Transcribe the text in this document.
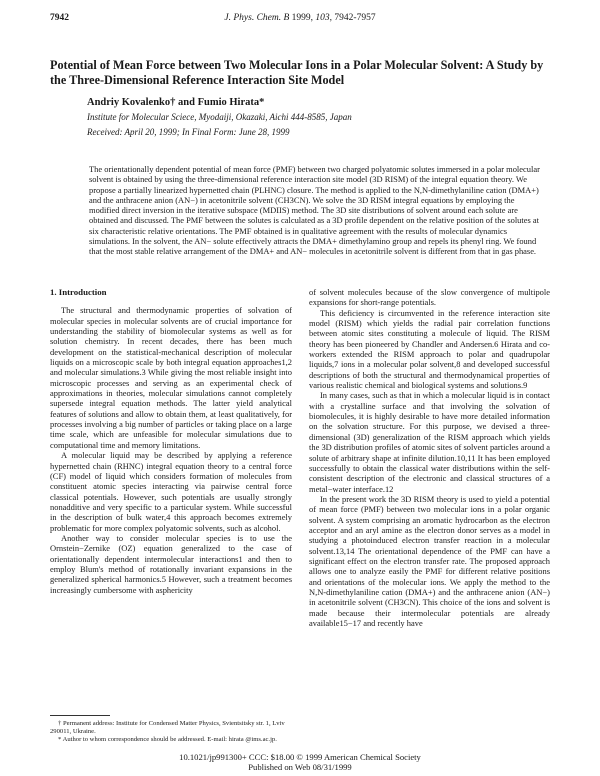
7942	J. Phys. Chem. B 1999, 103, 7942-7957
Potential of Mean Force between Two Molecular Ions in a Polar Molecular Solvent: A Study by the Three-Dimensional Reference Interaction Site Model
Andriy Kovalenko† and Fumio Hirata*
Institute for Molecular Sciece, Myodaiji, Okazaki, Aichi 444-8585, Japan
Received: April 20, 1999; In Final Form: June 28, 1999

The orientationally dependent potential of mean force (PMF) between two charged polyatomic solutes immersed in a polar molecular solvent is obtained by using the three-dimensional reference interaction site model (3D RISM) of the integral equation theory. We propose a partially linearized hypernetted chain (PLHNC) closure. The method is applied to the N,N-dimethylaniline cation (DMA+) and the anthracene anion (AN−) in acetonitrile solvent (CH3CN). We solve the 3D RISM integral equations by employing the modified direct inversion in the iterative subspace (MDIIS) method. The 3D site distributions of solvent around each solute are obtained and discussed. The PMF between the solutes is calculated as a 3D profile dependent on the relative position of the solutes at six characteristic relative orientations. The PMF obtained is in qualitative agreement with the results of molecular dynamics simulations. In the solvent, the AN− solute effectively attracts the DMA+ dimethylamino group and repels its phenyl ring. We found that the most stable relative arrangement of the DMA+ and AN− molecules in acetonitrile solvent is different from that in gas phase.

1. Introduction

The structural and thermodynamic properties of solvation of molecular species in molecular solvents are of crucial importance for understanding the stability of biomolecular systems as well as for solution chemistry. In recent decades, there has been much development on the statistical-mechanical description of molecular liquids on a microscopic scale by both integral equation approaches1,2 and molecular simulations.3 While giving the most reliable insight into microscopic processes and serving as an experimental check of approximations in theories, molecular simulations cannot completely supersede integral equation methods. The latter yield analytical features of solutions and allow to obtain them, at least qualitatively, for processes involving a big number of particles or taking place on a large time scale, which are unfeasible for molecular simulations due to computational time and memory limitations.

A molecular liquid may be described by applying a reference hypernetted chain (RHNC) integral equation theory to a central force (CF) model of liquid which considers formation of molecules from constituent atomic species interacting via pairwise central force classical potentials. However, such potentials are usually strongly nonadditive and very specific to a particular system. While successful in the description of bulk water,4 this approach becomes extremely problematic for more complex polyatomic solvents, such as alcohol.

Another way to consider molecular species is to use the Ornstein−Zernike (OZ) equation generalized to the case of orientationally dependent intermolecular interactions1 and then to employ Blum's method of rotationally invariant expansions in the generalized spherical harmonics.5 However, such a treatment becomes increasingly cumbersome with asphericity

of solvent molecules because of the slow convergence of multipole expansions for short-range potentials.

This deficiency is circumvented in the reference interaction site model (RISM) which yields the radial pair correlation functions between atomic sites constituting a molecule of liquid. The RISM theory has been pioneered by Chandler and Andersen.6 Hirata and co-workers extended the RISM approach to polar and quadrupolar liquids,7 ions in a molecular polar solvent,8 and developed successful descriptions of both the structural and thermodynamical properties of various realistic chemical and biological systems and solutions.9

In many cases, such as that in which a molecular liquid is in contact with a crystalline surface and that involving the solvation of biomolecules, it is highly desirable to have more detailed information on the solvation structure. For this purpose, we devised a three-dimensional (3D) generalization of the RISM approach which yields the 3D distribution profiles of atomic sites of solvent particles around a solute of arbitrary shape at infinite dilution.10,11 It has been employed successfully to obtain the classical water distributions within the self-consistent description of the electronic and classical structures of a metal−water interface.12

In the present work the 3D RISM theory is used to yield a potential of mean force (PMF) between two molecular ions in a polar organic solvent. A system comprising an aromatic hydrocarbon as the electron acceptor and an aryl amine as the electron donor serves as a model in studying a photoinduced electron transfer reaction in a molecular solvent.13,14 The orientational dependence of the PMF can have a significant effect on the electron transfer rate. The proposed approach allows one to analyze easily the PMF for different relative positions and orientations of the molecular ions. We apply the method to the N,N-dimethylaniline cation (DMA+) and the anthracene anion (AN−) in acetonitrile solvent (CH3CN). This choice of the ions and solvent is made because their intermolecular potentials are already available15−17 and recently have

† Permanent address: Institute for Condensed Matter Physics, Svientsitsky str. 1, Lviv 290011, Ukraine.

* Author to whom correspondence should be addressed. E-mail: hirata @ims.ac.jp.

10.1021/jp991300+ CCC: $18.00 © 1999 American Chemical Society
Published on Web 08/31/1999
